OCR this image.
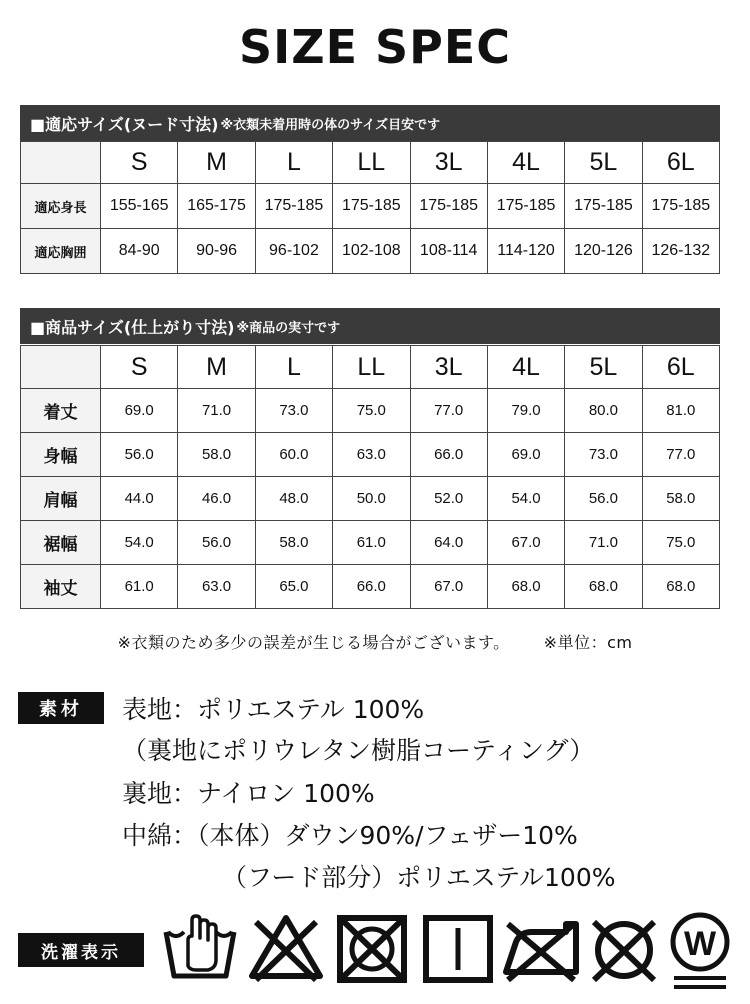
SIZE SPEC
■適応サイズ(ヌード寸法) ※衣類未着用時の体のサイズ目安です
	S	M	L	LL	3L	4L	5L	6L
適応身長	155-165	165-175	175-185	175-185	175-185	175-185	175-185	175-185
適応胸囲	84-90	90-96	96-102	102-108	108-114	114-120	120-126	126-132
■商品サイズ(仕上がり寸法) ※商品の実寸です
	S	M	L	LL	3L	4L	5L	6L
着丈	69.0	71.0	73.0	75.0	77.0	79.0	80.0	81.0
身幅	56.0	58.0	60.0	63.0	66.0	69.0	73.0	77.0
肩幅	44.0	46.0	48.0	50.0	52.0	54.0	56.0	58.0
裾幅	54.0	56.0	58.0	61.0	64.0	67.0	71.0	75.0
袖丈	61.0	63.0	65.0	66.0	67.0	68.0	68.0	68.0
※衣類のため多少の誤差が生じる場合がございます。 ※単位：cm
素材	表地：ポリエステル 100%
（裏地にポリウレタン樹脂コーティング）
裏地：ナイロン 100%
中綿：（本体）ダウン90%/フェザー10%
（フード部分）ポリエステル100%
洗濯表示	W
